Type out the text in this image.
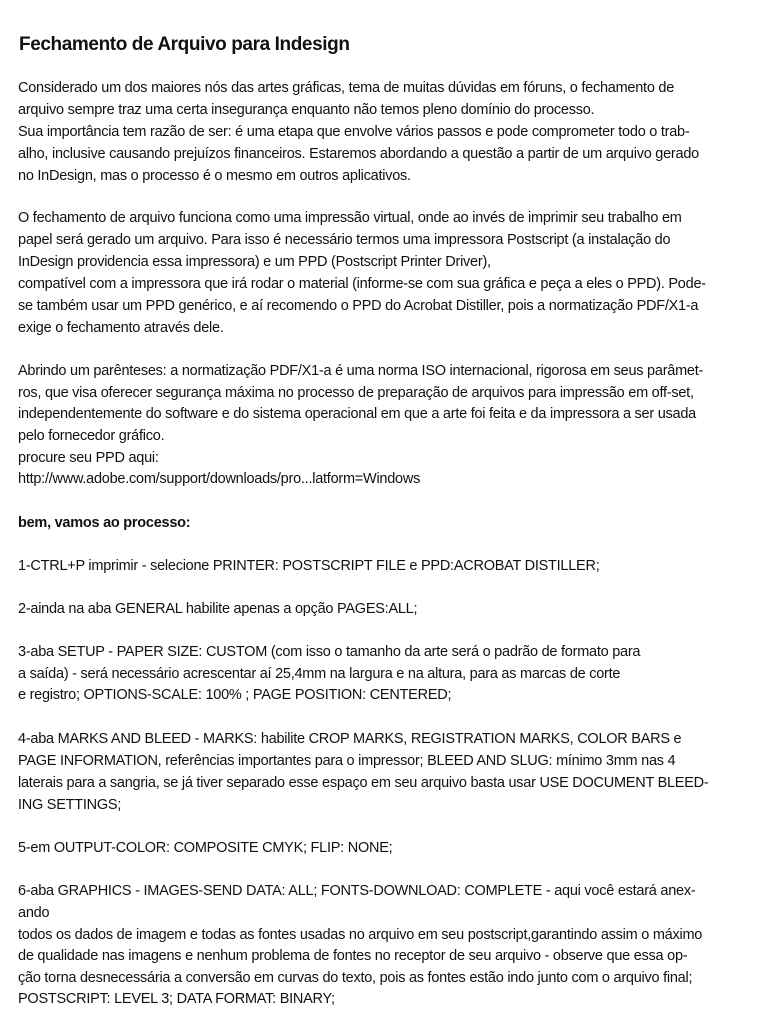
Fechamento de Arquivo para Indesign

Considerado um dos maiores nós das artes gráficas, tema de muitas dúvidas em fóruns, o fechamento de

arquivo sempre traz uma certa insegurança enquanto não temos pleno domínio do processo.

Sua importância tem razão de ser: é uma etapa que envolve vários passos e pode comprometer todo o trab-

alho, inclusive causando prejuízos financeiros. Estaremos abordando a questão a partir de um arquivo gerado

no InDesign, mas o processo é o mesmo em outros aplicativos.

O fechamento de arquivo funciona como uma impressão virtual, onde ao invés de imprimir seu trabalho em

papel será gerado um arquivo. Para isso é necessário termos uma impressora Postscript (a instalação do

InDesign providencia essa impressora) e um PPD (Postscript Printer Driver),

compatível com a impressora que irá rodar o material (informe-se com sua gráfica e peça a eles o PPD). Pode-

se também usar um PPD genérico, e aí recomendo o PPD do Acrobat Distiller, pois a normatização PDF/X1-a

exige o fechamento através dele.

Abrindo um parênteses: a normatização PDF/X1-a é uma norma ISO internacional, rigorosa em seus parâmet-

ros, que visa oferecer segurança máxima no processo de preparação de arquivos para impressão em off-set,

independentemente do software e do sistema operacional em que a arte foi feita e da impressora a ser usada

pelo fornecedor gráfico.

procure seu PPD aqui:

http://www.adobe.com/support/downloads/pro...latform=Windows

bem, vamos ao processo:

1-CTRL+P imprimir - selecione PRINTER: POSTSCRIPT FILE e PPD:ACROBAT DISTILLER;

2-ainda na aba GENERAL habilite apenas a opção PAGES:ALL;

3-aba SETUP - PAPER SIZE: CUSTOM (com isso o tamanho da arte será o padrão de formato para

a saída) - será necessário acrescentar aí 25,4mm na largura e na altura, para as marcas de corte

e registro; OPTIONS-SCALE: 100% ; PAGE POSITION: CENTERED;

4-aba MARKS AND BLEED - MARKS: habilite CROP MARKS, REGISTRATION MARKS, COLOR BARS e

PAGE INFORMATION, referências importantes para o impressor; BLEED AND SLUG: mínimo 3mm nas 4

laterais para a sangria, se já tiver separado esse espaço em seu arquivo basta usar USE DOCUMENT BLEED-

ING SETTINGS;

5-em OUTPUT-COLOR: COMPOSITE CMYK; FLIP: NONE;

6-aba GRAPHICS - IMAGES-SEND DATA: ALL; FONTS-DOWNLOAD: COMPLETE - aqui você estará anex-

ando

todos os dados de imagem e todas as fontes usadas no arquivo em seu postscript,garantindo assim o máximo

de qualidade nas imagens e nenhum problema de fontes no receptor de seu arquivo - observe que essa op-

ção torna desnecessária a conversão em curvas do texto, pois as fontes estão indo junto com o arquivo final;

POSTSCRIPT: LEVEL 3; DATA FORMAT: BINARY;
